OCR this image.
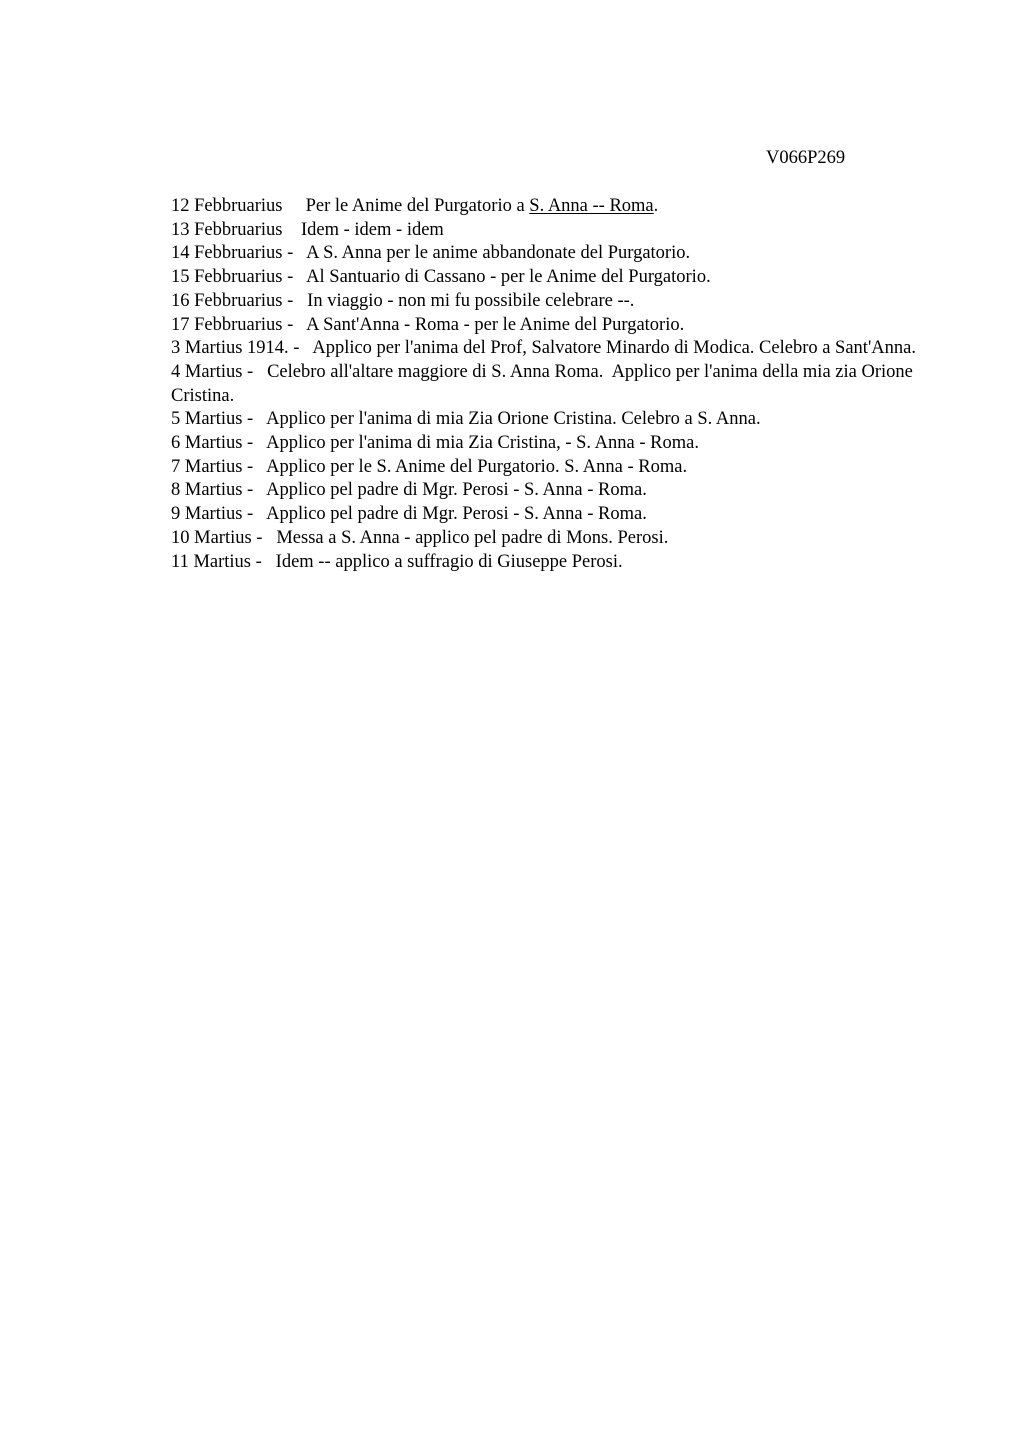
V066P269

12 Febbruarius Per le Anime del Purgatorio a S. Anna -- Roma.

13 Febbruarius Idem - idem - idem

14 Febbruarius - A S. Anna per le anime abbandonate del Purgatorio.

15 Febbruarius - Al Santuario di Cassano - per le Anime del Purgatorio.

16 Febbruarius - In viaggio - non mi fu possibile celebrare --.

17 Febbruarius - A Sant'Anna - Roma - per le Anime del Purgatorio.

3 Martius 1914. - Applico per l'anima del Prof, Salvatore Minardo di Modica. Celebro a Sant'Anna.

4 Martius - Celebro all'altare maggiore di S. Anna Roma.  Applico per l'anima della mia zia Orione Cristina.

5 Martius - Applico per l'anima di mia Zia Orione Cristina. Celebro a S. Anna.

6 Martius - Applico per l'anima di mia Zia Cristina, - S. Anna - Roma.

7 Martius - Applico per le S. Anime del Purgatorio. S. Anna - Roma.

8 Martius - Applico pel padre di Mgr. Perosi - S. Anna - Roma.

9 Martius - Applico pel padre di Mgr. Perosi - S. Anna - Roma.

10 Martius - Messa a S. Anna - applico pel padre di Mons. Perosi.

11 Martius - Idem -- applico a suffragio di Giuseppe Perosi.
